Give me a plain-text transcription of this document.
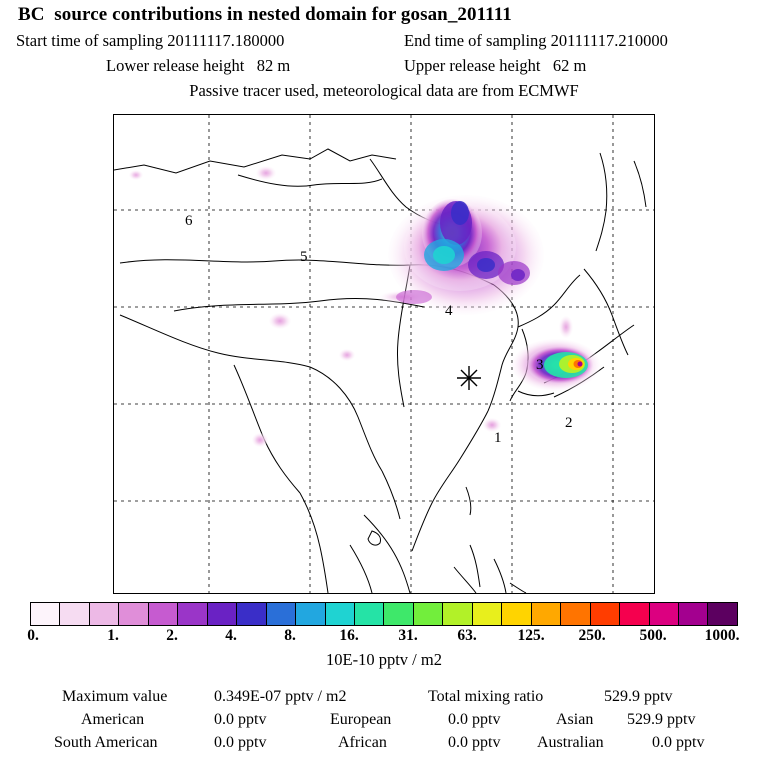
BC  source contributions in nested domain for gosan_201111

Start time of sampling 20111117.180000

	End time of sampling 20111117.210000

Lower release height   82 m

	Upper release height   62 m

Passive tracer used, meteorological data are from ECMWF
6
5
4
3
2
1
0.	1.	2.	4.	8.	16.	31.	63.	125. 250. 500. 1000.
10E-10 pptv / m2
Maximum value	0.349E-07 pptv / m2	Total mixing ratio	529.9 pptv
American	0.0 pptv	European	0.0 pptv	Asian 529.9 pptv
South American	0.0 pptv	African	0.0 pptv Australian	0.0 pptv
